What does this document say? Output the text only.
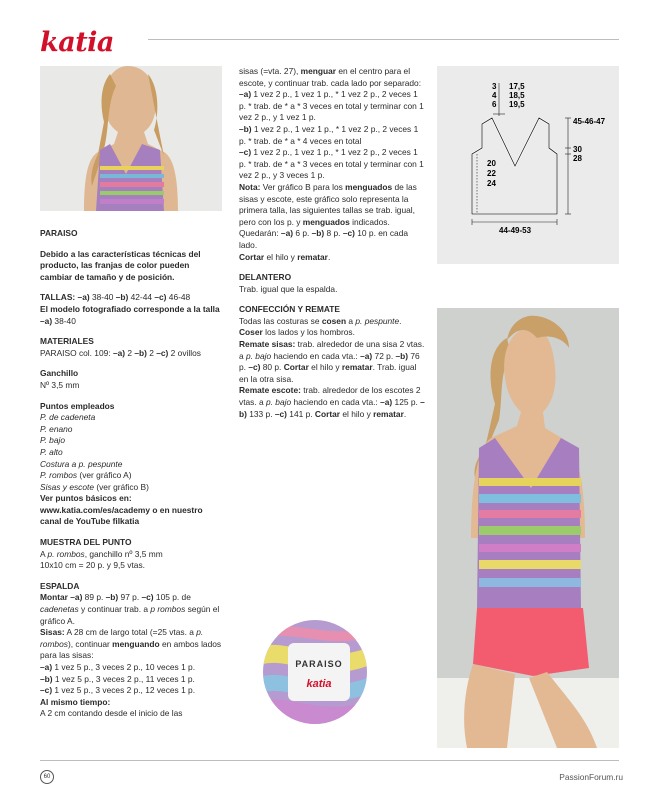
katia

PARAISO

Debido a las características técnicas del producto, las franjas de color pueden cambiar de tamaño y de posición.

TALLAS: –a) 38-40 –b) 42-44 –c) 46-48

El modelo fotografiado corresponde a la talla –a) 38-40

MATERIALES

PARAISO col. 109: –a) 2 –b) 2 –c) 2 ovillos

Ganchillo

Nº 3,5 mm

Puntos empleados

P. de cadeneta

P. enano

P. bajo

P. alto

Costura a p. pespunte

P. rombos (ver gráfico A)

Sisas y escote (ver gráfico B)

Ver puntos básicos en: www.katia.com/es/academy o en nuestro canal de YouTube filkatia

MUESTRA DEL PUNTO

A p. rombos, ganchillo nº 3,5 mm

10x10 cm = 20 p. y 9,5 vtas.

ESPALDA

Montar –a) 89 p. –b) 97 p. –c) 105 p. de cadenetas y continuar trab. a p rombos según el gráfico A.

Sisas: A 28 cm de largo total (=25 vtas. a p. rombos), continuar menguando en ambos lados para las sisas:

–a) 1 vez 5 p., 3 veces 2 p., 10 veces 1 p.

–b) 1 vez 5 p., 3 veces 2 p., 11 veces 1 p.

–c) 1 vez 5 p., 3 veces 2 p., 12 veces 1 p.

Al mismo tiempo:

A 2 cm contando desde el inicio de las

sisas (=vta. 27), menguar en el centro para el escote, y continuar trab. cada lado por separado:

–a) 1 vez 2 p., 1 vez 1 p., * 1 vez 2 p., 2 veces 1 p. * trab. de * a * 3 veces en total y terminar con 1 vez 2 p., y 1 vez 1 p.

–b) 1 vez 2 p., 1 vez 1 p., * 1 vez 2 p., 2 veces 1 p. * trab. de * a * 4 veces en total

–c) 1 vez 2 p., 1 vez 1 p., * 1 vez 2 p., 2 veces 1 p. * trab. de * a * 3 veces en total y terminar con 1 vez 2 p., y 3 veces 1 p.

Nota: Ver gráfico B para los menguados de las sisas y escote, este gráfico solo representa la primera talla, las siguientes tallas se trab. igual, pero con los p. y menguados indicados.

Quedarán: –a) 6 p. –b) 8 p. –c) 10 p. en cada lado.

Cortar el hilo y rematar.

DELANTERO

Trab. igual que la espalda.

CONFECCIÓN Y REMATE

Todas las costuras se cosen a p. pespunte.

Coser los lados y los hombros.

Remate sisas: trab. alrededor de una sisa 2 vtas. a p. bajo haciendo en cada vta.: –a) 72 p. –b) 76 p. –c) 80 p. Cortar el hilo y rematar. Trab. igual en la otra sisa.

Remate escote: trab. alrededor de los escotes 2 vtas. a p. bajo haciendo en cada vta.: –a) 125 p. –b) 133 p. –c) 141 p. Cortar el hilo y rematar.

3
4
6
17,5
18,5
19,5
45-46-47
30
28
20
22
24
44-49-53
PARAISO
katia
60	PassionForum.ru
